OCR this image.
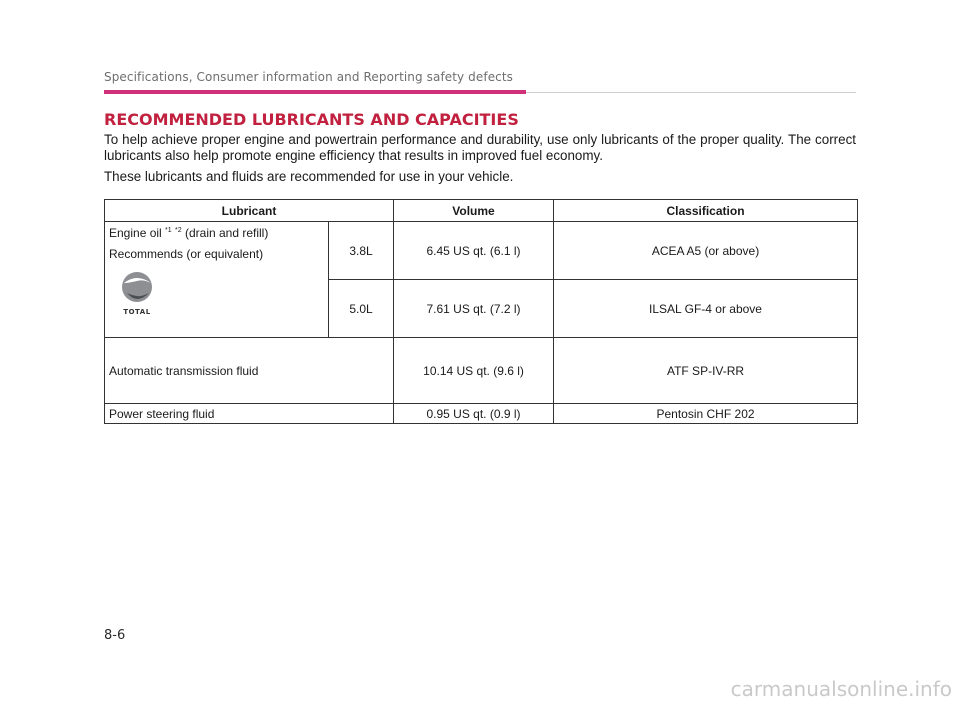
Specifications, Consumer information and Reporting safety defects
RECOMMENDED LUBRICANTS AND CAPACITIES
To help achieve proper engine and powertrain performance and durability, use only lubricants of the proper quality. The correct lubricants also help promote engine efficiency that results in improved fuel economy.
These lubricants and fluids are recommended for use in your vehicle.
Lubricant		Volume	Classification

Engine oil $^{*1}$ $^{*2}$ (drain and refill)
Recommends (or equivalent)
TOTAL	3.8L	6.45 US qt. (6.1 l)	ACEA A5 (or above)
	5.0L	7.61 US qt. (7.2 l)	ILSAL GF-4 or above
Automatic transmission fluid		10.14 US qt. (9.6 l)	ATF SP-IV-RR
Power steering fluid		0.95 US qt. (0.9 l)	Pentosin CHF 202
8-6
carmanualsonline.info
